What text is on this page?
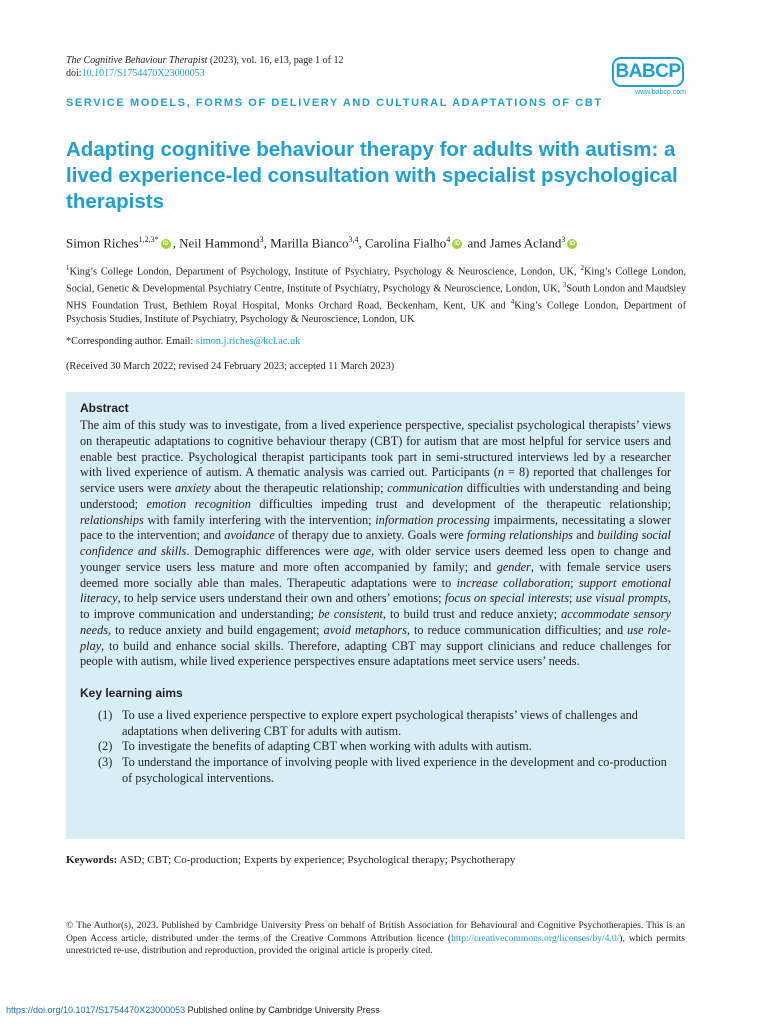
The Cognitive Behaviour Therapist (2023), vol. 16, e13, page 1 of 12
doi:10.1017/S1754470X23000053	BABCP
www.babcp.com
SERVICE MODELS, FORMS OF DELIVERY AND CULTURAL ADAPTATIONS OF CBT
Adapting cognitive behaviour therapy for adults with autism: a lived experience-led consultation with specialist psychological therapists
Simon Riches$^{1,2,3*}$iD , Neil Hammond$^3$, Marilla Bianco$^{3,4}$, Carolina Fialho$^4$iD and James Acland$^3$iD
$^1$King’s College London, Department of Psychology, Institute of Psychiatry, Psychology & Neuroscience, London, UK, $^2$King’s College London, Social, Genetic & Developmental Psychiatry Centre, Institute of Psychiatry, Psychology & Neuroscience, London, UK, $^3$South London and Maudsley NHS Foundation Trust, Bethlem Royal Hospital, Monks Orchard Road, Beckenham, Kent, UK and $^4$King’s College London, Department of Psychosis Studies, Institute of Psychiatry, Psychology & Neuroscience, London, UK
*Corresponding author. Email: simon.j.riches@kcl.ac.uk
(Received 30 March 2022; revised 24 February 2023; accepted 11 March 2023)
Abstract

The aim of this study was to investigate, from a lived experience perspective, specialist psychological therapists’ views on therapeutic adaptations to cognitive behaviour therapy (CBT) for autism that are most helpful for service users and enable best practice. Psychological therapist participants took part in semi-structured interviews led by a researcher with lived experience of autism. A thematic analysis was carried out. Participants (n = 8) reported that challenges for service users were anxiety about the therapeutic relationship; communication difficulties with understanding and being understood; emotion recognition difficulties impeding trust and development of the therapeutic relationship; relationships with family interfering with the intervention; information processing impairments, necessitating a slower pace to the intervention; and avoidance of therapy due to anxiety. Goals were forming relationships and building social confidence and skills. Demographic differences were age, with older service users deemed less open to change and younger service users less mature and more often accompanied by family; and gender, with female service users deemed more socially able than males. Therapeutic adaptations were to increase collaboration; support emotional literacy, to help service users understand their own and others’ emotions; focus on special interests; use visual prompts, to improve communication and understanding; be consistent, to build trust and reduce anxiety; accommodate sensory needs, to reduce anxiety and build engagement; avoid metaphors, to reduce communication difficulties; and use role-play, to build and enhance social skills. Therefore, adapting CBT may support clinicians and reduce challenges for people with autism, while lived experience perspectives ensure adaptations meet service users’ needs.

Key learning aims
(1) To use a lived experience perspective to explore expert psychological therapists’ views of challenges and adaptations when delivering CBT for adults with autism.
(2) To investigate the benefits of adapting CBT when working with adults with autism.
(3) To understand the importance of involving people with lived experience in the development and co-production of psychological interventions.
Keywords: ASD; CBT; Co-production; Experts by experience; Psychological therapy; Psychotherapy
© The Author(s), 2023. Published by Cambridge University Press on behalf of British Association for Behavioural and Cognitive Psychotherapies. This is an Open Access article, distributed under the terms of the Creative Commons Attribution licence (http://creativecommons.org/licenses/by/4.0/), which permits unrestricted re-use, distribution and reproduction, provided the original article is properly cited.
https://doi.org/10.1017/S1754470X23000053 Published online by Cambridge University Press
